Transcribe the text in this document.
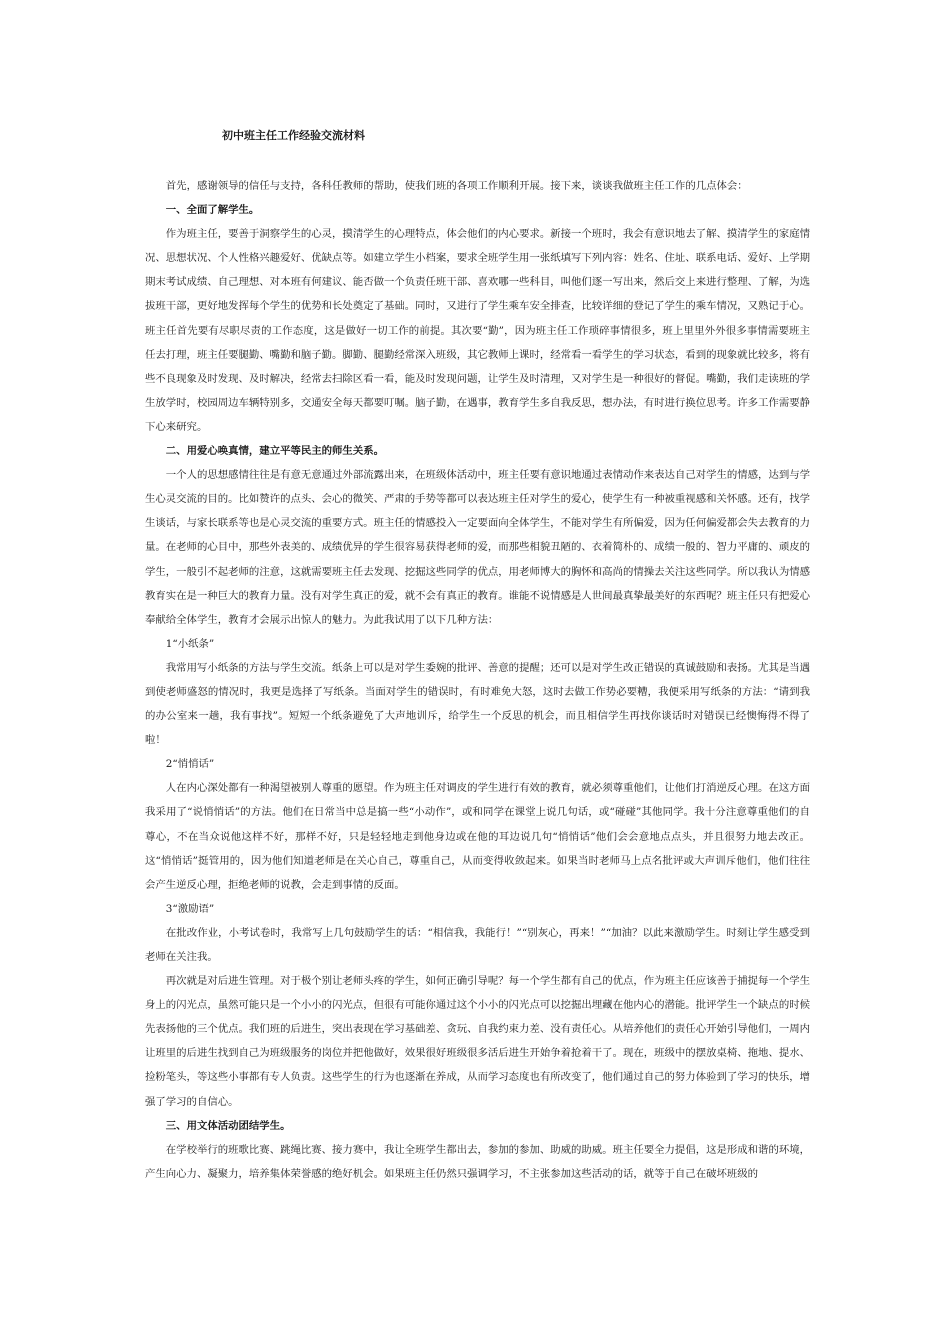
初中班主任工作经验交流材料

首先，感谢领导的信任与支持，各科任教师的帮助，使我们班的各项工作顺利开展。接下来，谈谈我做班主任工作的几点体会：

一、全面了解学生。

作为班主任，要善于洞察学生的心灵，摸清学生的心理特点，体会他们的内心要求。新接一个班时，我会有意识地去了解、摸清学生的家庭情况、思想状况、个人性格兴趣爱好、优缺点等。如建立学生小档案，要求全班学生用一张纸填写下列内容：姓名、住址、联系电话、爱好、上学期期末考试成绩、自己理想、对本班有何建议、能否做一个负责任班干部、喜欢哪一些科目，叫他们逐一写出来，然后交上来进行整理、了解，为选拔班干部，更好地发挥每个学生的优势和长处奠定了基础。同时，又进行了学生乘车安全排查，比较详细的登记了学生的乘车情况，又熟记于心。班主任首先要有尽职尽责的工作态度，这是做好一切工作的前提。其次要“勤”，因为班主任工作琐碎事情很多，班上里里外外很多事情需要班主任去打理，班主任要腿勤、嘴勤和脑子勤。脚勤、腿勤经常深入班级，其它教师上课时，经常看一看学生的学习状态，看到的现象就比较多，将有些不良现象及时发现、及时解决，经常去扫除区看一看，能及时发现问题，让学生及时清理，又对学生是一种很好的督促。嘴勤，我们走读班的学生放学时，校园周边车辆特别多，交通安全每天都要叮嘱。脑子勤，在遇事，教育学生多自我反思，想办法，有时进行换位思考。许多工作需要静下心来研究。

二、用爱心唤真情，建立平等民主的师生关系。

一个人的思想感情往往是有意无意通过外部流露出来，在班级体活动中，班主任要有意识地通过表情动作来表达自己对学生的情感，达到与学生心灵交流的目的。比如赞许的点头、会心的微笑、严肃的手势等都可以表达班主任对学生的爱心，使学生有一种被重视感和关怀感。还有，找学生谈话，与家长联系等也是心灵交流的重要方式。班主任的情感投入一定要面向全体学生，不能对学生有所偏爱，因为任何偏爱都会失去教育的力量。在老师的心目中，那些外表美的、成绩优异的学生很容易获得老师的爱，而那些相貌丑陋的、衣着简朴的、成绩一般的、智力平庸的、顽皮的学生，一般引不起老师的注意，这就需要班主任去发现、挖掘这些同学的优点，用老师博大的胸怀和高尚的情操去关注这些同学。所以我认为情感教育实在是一种巨大的教育力量。没有对学生真正的爱，就不会有真正的教育。谁能不说情感是人世间最真挚最美好的东西呢？班主任只有把爱心奉献给全体学生，教育才会展示出惊人的魅力。为此我试用了以下几种方法：

1“小纸条”

我常用写小纸条的方法与学生交流。纸条上可以是对学生委婉的批评、善意的提醒；还可以是对学生改正错误的真诚鼓励和表扬。尤其是当遇到使老师盛怒的情况时，我更是选择了写纸条。当面对学生的错误时，有时难免大怒，这时去做工作势必要糟，我便采用写纸条的方法：“请到我的办公室来一趟，我有事找”。短短一个纸条避免了大声地训斥，给学生一个反思的机会，而且相信学生再找你谈话时对错误已经懊悔得不得了啦！

2“悄悄话”

人在内心深处都有一种渴望被别人尊重的愿望。作为班主任对调皮的学生进行有效的教育，就必须尊重他们，让他们打消逆反心理。在这方面我采用了“说悄悄话”的方法。他们在日常当中总是搞一些“小动作”，或和同学在课堂上说几句话，或“碰碰”其他同学。我十分注意尊重他们的自尊心，不在当众说他这样不好，那样不好，只是轻轻地走到他身边或在他的耳边说几句“悄悄话”他们会会意地点点头，并且很努力地去改正。这“悄悄话”挺管用的，因为他们知道老师是在关心自己，尊重自己，从而变得收敛起来。如果当时老师马上点名批评或大声训斥他们，他们往往会产生逆反心理，拒绝老师的说教，会走到事情的反面。

3“激励语”

在批改作业，小考试卷时，我常写上几句鼓励学生的话：“相信我，我能行！”“别灰心，再来！”“加油？以此来激励学生。时刻让学生感受到老师在关注我。

再次就是对后进生管理。对于极个别让老师头疼的学生，如何正确引导呢？每一个学生都有自己的优点，作为班主任应该善于捕捉每一个学生身上的闪光点，虽然可能只是一个小小的闪光点，但很有可能你通过这个小小的闪光点可以挖掘出埋藏在他内心的潜能。批评学生一个缺点的时候先表扬他的三个优点。我们班的后进生，突出表现在学习基础差、贪玩、自我约束力差、没有责任心。从培养他们的责任心开始引导他们，一周内让班里的后进生找到自己为班级服务的岗位并把他做好，效果很好班级很多活后进生开始争着抢着干了。现在，班级中的摆放桌椅、拖地、提水、捡粉笔头，等这些小事都有专人负责。这些学生的行为也逐渐在养成，从而学习态度也有所改变了，他们通过自己的努力体验到了学习的快乐，增强了学习的自信心。

三、用文体活动团结学生。

在学校举行的班歌比赛、跳绳比赛、接力赛中，我让全班学生都出去，参加的参加、助威的助威。班主任要全力提倡，这是形成和谐的环境，产生向心力、凝聚力，培养集体荣誉感的绝好机会。如果班主任仍然只强调学习，不主张参加这些活动的话，就等于自己在破坏班级的
